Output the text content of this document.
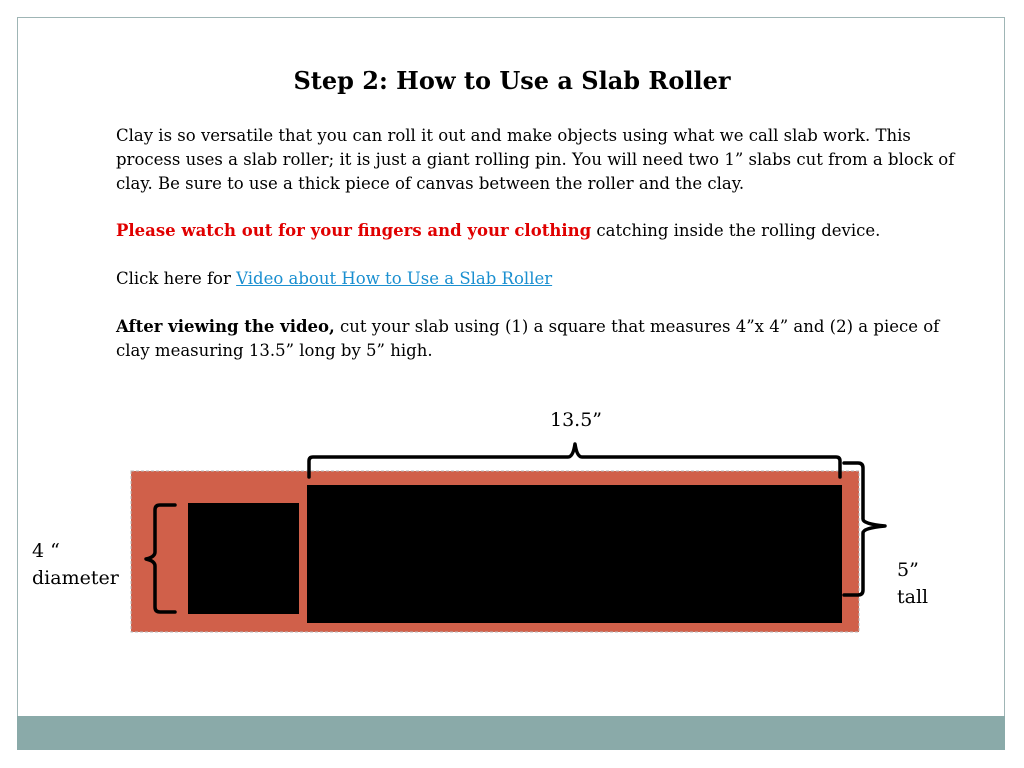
Step 2: How to Use a Slab Roller

Clay is so versatile that you can roll it out and make objects using what we call slab work. This process uses a slab roller; it is just a giant rolling pin. You will need two 1” slabs cut from a block of clay. Be sure to use a thick piece of canvas between the roller and the clay.

Please watch out for your fingers and your clothing catching inside the rolling device.

Click here for Video about How to Use a Slab Roller

After viewing the video, cut your slab using (1) a square that measures 4”x 4” and (2) a piece of clay measuring 13.5” long by 5” high.

13.5”
4 “
diameter	5”
tall
